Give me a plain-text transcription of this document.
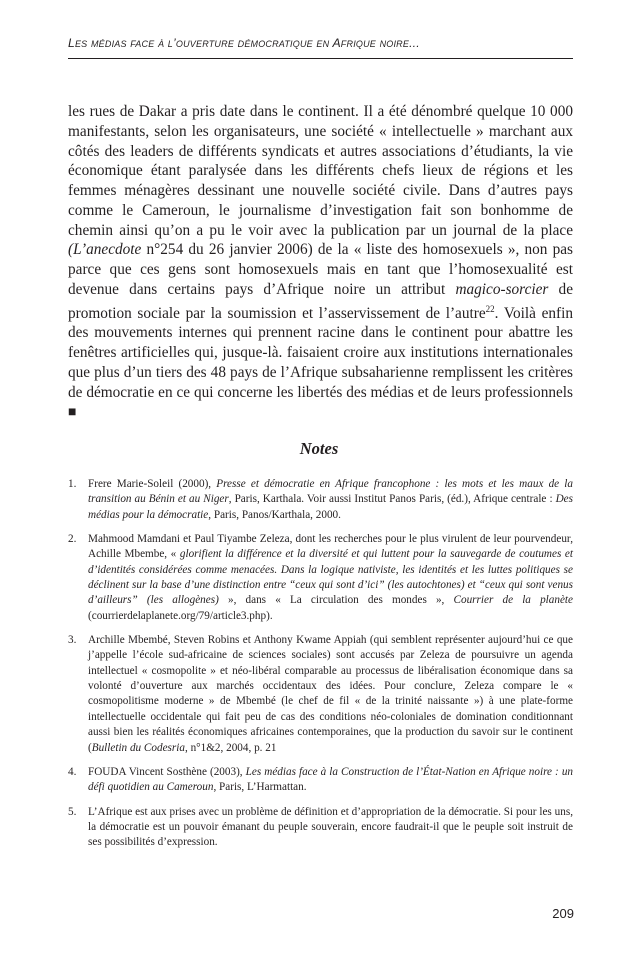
Les médias face à l’ouverture démocratique en Afrique noire...

les rues de Dakar a pris date dans le continent. Il a été dénombré quelque 10 000 manifestants, selon les organisateurs, une société « intellectuelle » marchant aux côtés des leaders de différents syndicats et autres associations d’étudiants, la vie économique étant paralysée dans les différents chefs lieux de régions et les femmes ménagères dessinant une nouvelle société civile. Dans d’autres pays comme le Cameroun, le journalisme d’investigation fait son bonhomme de chemin ainsi qu’on a pu le voir avec la publication par un journal de la place (L’anecdote n°254 du 26 janvier 2006) de la « liste des homosexuels », non pas parce que ces gens sont homosexuels mais en tant que l’homosexualité est devenue dans certains pays d’Afrique noire un attribut magico-sorcier de promotion sociale par la soumission et l’asservissement de l’autre$^{22}$. Voilà enfin des mouvements internes qui prennent racine dans le continent pour abattre les fenêtres artificielles qui, jusque-là. faisaient croire aux institutions internationales que plus d’un tiers des 48 pays de l’Afrique subsaharienne remplissent les critères de démocratie en ce qui concerne les libertés des médias et de leurs professionnels ■

Notes
1. Frere Marie-Soleil (2000), Presse et démocratie en Afrique francophone : les mots et les maux de la transition au Bénin et au Niger, Paris, Karthala. Voir aussi Institut Panos Paris, (éd.), Afrique centrale : Des médias pour la démocratie, Paris, Panos/Karthala, 2000.
2. Mahmood Mamdani et Paul Tiyambe Zeleza, dont les recherches pour le plus virulent de leur pourvendeur, Achille Mbembe, « glorifient la différence et la diversité et qui luttent pour la sauvegarde de coutumes et d’identités considérées comme menacées. Dans la logique nativiste, les identités et les luttes politiques se déclinent sur la base d’une distinction entre “ceux qui sont d’ici” (les autochtones) et “ceux qui sont venus d’ailleurs” (les allogènes) », dans « La circulation des mondes », Courrier de la planète (courrierdelaplanete.org/79/article3.php).
3. Archille Mbembé, Steven Robins et Anthony Kwame Appiah (qui semblent représenter aujourd’hui ce que j’appelle l’école sud-africaine de sciences sociales) sont accusés par Zeleza de poursuivre un agenda intellectuel « cosmopolite » et néo-libéral comparable au processus de libéralisation économique dans sa volonté d’ouverture aux marchés occidentaux des idées. Pour conclure, Zeleza compare le « cosmopolitisme moderne » de Mbembé (le chef de fil « de la trinité naissante ») à une plate-forme intellectuelle occidentale qui fait peu de cas des conditions néo-coloniales de domination conditionnant aussi bien les réalités économiques africaines contemporaines, que la production du savoir sur le continent (Bulletin du Codesria, n°1&2, 2004, p. 21
4. FOUDA Vincent Sosthène (2003), Les médias face à la Construction de l’État-Nation en Afrique noire : un défi quotidien au Cameroun, Paris, L’Harmattan.
5. L’Afrique est aux prises avec un problème de définition et d’appropriation de la démocratie. Si pour les uns, la démocratie est un pouvoir émanant du peuple souverain, encore faudrait-il que le peuple soit instruit de ses possibilités d’expression.
209
